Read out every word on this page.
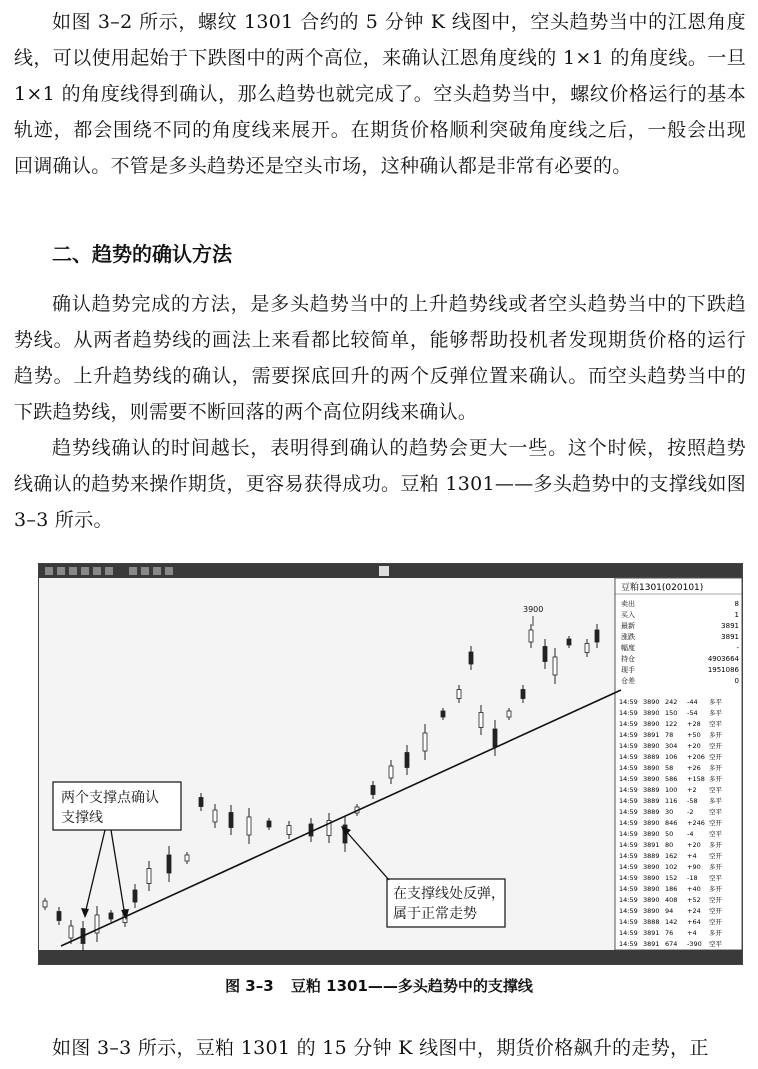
如图 3–2 所示，螺纹 1301 合约的 5 分钟 K 线图中，空头趋势当中的江恩角度线，可以使用起始于下跌图中的两个高位，来确认江恩角度线的 1×1 的角度线。一旦 1×1 的角度线得到确认，那么趋势也就完成了。空头趋势当中，螺纹价格运行的基本轨迹，都会围绕不同的角度线来展开。在期货价格顺利突破角度线之后，一般会出现回调确认。不管是多头趋势还是空头市场，这种确认都是非常有必要的。

二、趋势的确认方法

确认趋势完成的方法，是多头趋势当中的上升趋势线或者空头趋势当中的下跌趋势线。从两者趋势线的画法上来看都比较简单，能够帮助投机者发现期货价格的运行趋势。上升趋势线的确认，需要探底回升的两个反弹位置来确认。而空头趋势当中的下跌趋势线，则需要不断回落的两个高位阴线来确认。

趋势线确认的时间越长，表明得到确认的趋势会更大一些。这个时候，按照趋势线确认的趋势来操作期货，更容易获得成功。豆粕 1301——多头趋势中的支撑线如图 3–3 所示。

豆粕1301(020101)
卖出	8
买入	1
最新	3891
涨跌	3891
幅度	-
持仓	4903664
现手	1951086
仓差	0
14:59 3890 242 -44 多平
14:59 3890 150 -54 多平
14:59 3890 122 +28 空平
14:59 3891 78 +50 多开
14:59 3890 304 +20 空开
14:59 3889 106 +206 空开
14:59 3890 58 +26 多开
14:59 3890 586 +158 多开
14:59 3889 100 +2 空平
14:59 3889 116 -58 多平
14:59 3889 30 -2 空平
14:59 3890 846 +246 空开
14:59 3890 50 -4 空平
14:59 3891 80 +20 多开
14:59 3889 162 +4 空开
14:59 3890 102 +90 多开
14:59 3890 152 -18 空平
14:59 3890 186 +40 多开
14:59 3890 408 +52 空开
14:59 3890 94 +24 空开
14:59 3888 142 +64 空开
14:59 3891 76 +4 多开
14:59 3891 674 -390 空平
3900
两个支撑点确认
支撑线
在支撑线处反弹，
属于正常走势
图 3–3 豆粕 1301——多头趋势中的支撑线

如图 3–3 所示，豆粕 1301 的 15 分钟 K 线图中，期货价格飙升的走势，正
